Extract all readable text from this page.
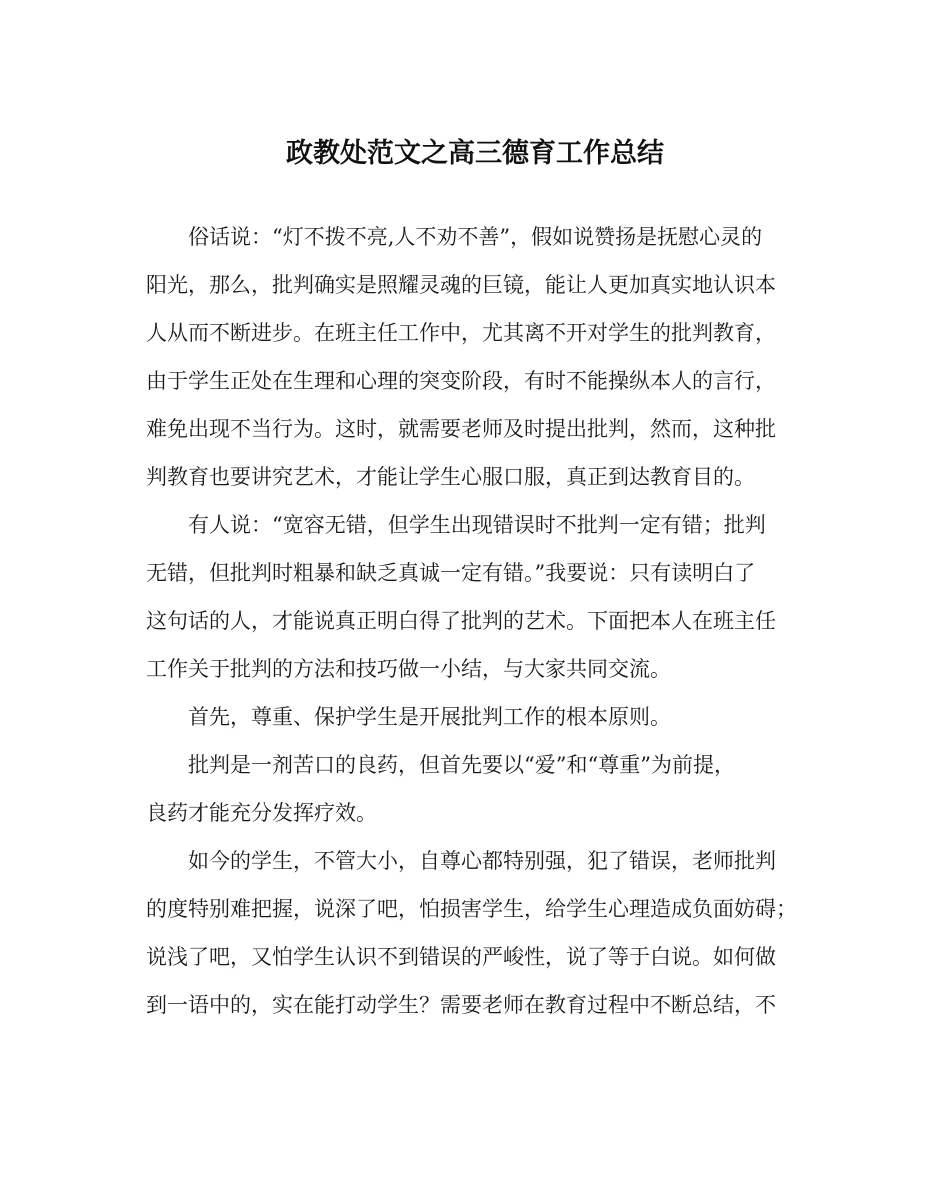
政教处范文之高三德育工作总结
俗话说：“灯不拨不亮,人不劝不善”，假如说赞扬是抚慰心灵的
阳光，那么，批判确实是照耀灵魂的巨镜，能让人更加真实地认识本
人从而不断进步。在班主任工作中，尤其离不开对学生的批判教育，
由于学生正处在生理和心理的突变阶段，有时不能操纵本人的言行，
难免出现不当行为。这时，就需要老师及时提出批判，然而，这种批
判教育也要讲究艺术，才能让学生心服口服，真正到达教育目的。
有人说：“宽容无错，但学生出现错误时不批判一定有错；批判
无错，但批判时粗暴和缺乏真诚一定有错。”我要说：只有读明白了
这句话的人，才能说真正明白得了批判的艺术。下面把本人在班主任
工作关于批判的方法和技巧做一小结，与大家共同交流。
首先，尊重、保护学生是开展批判工作的根本原则。
批判是一剂苦口的良药，但首先要以“爱”和“尊重”为前提，
良药才能充分发挥疗效。
如今的学生，不管大小，自尊心都特别强，犯了错误，老师批判
的度特别难把握，说深了吧，怕损害学生，给学生心理造成负面妨碍；
说浅了吧，又怕学生认识不到错误的严峻性，说了等于白说。如何做
到一语中的，实在能打动学生？需要老师在教育过程中不断总结，不
